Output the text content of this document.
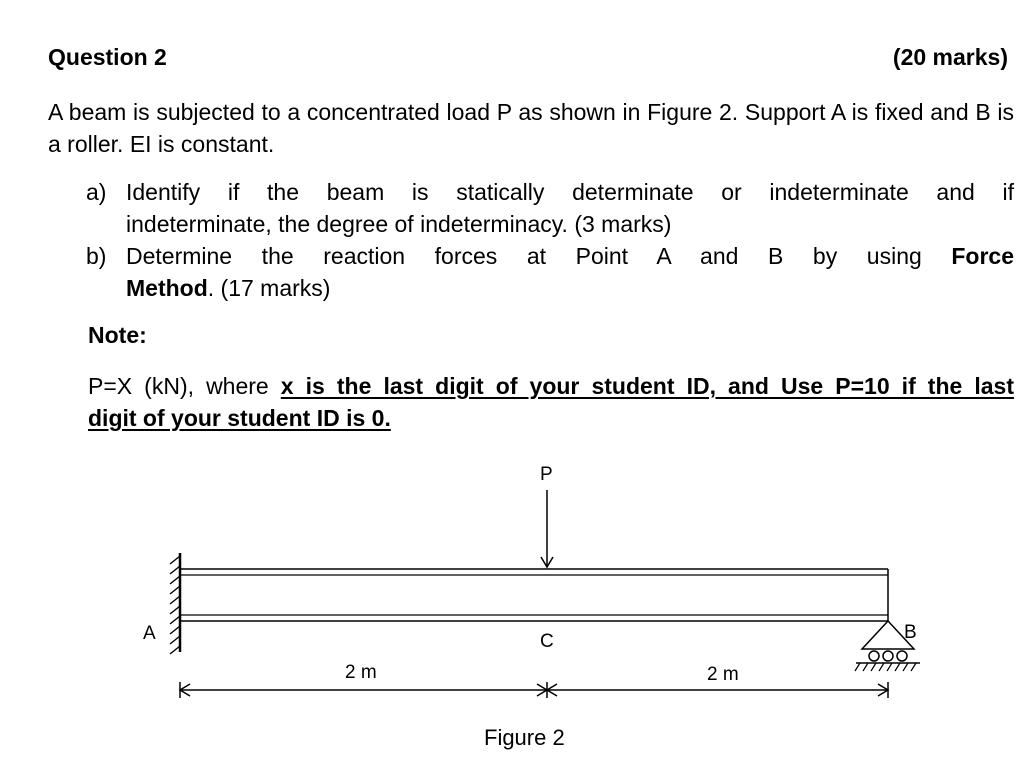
Question 2	(20 marks)
A beam is subjected to a concentrated load P as shown in Figure 2. Support A is fixed and B is a roller. EI is constant.
a) Identify if the beam is statically determinate or indeterminate and if
indeterminate, the degree of indeterminacy. (3 marks)
b) Determine the reaction forces at Point A and B by using Force
Method. (17 marks)
Note:
P=X (kN), where x is the last digit of your student ID, and Use P=10 if the last
digit of your student ID is 0.
A
P
C	B
2 m	2 m
Figure 2
